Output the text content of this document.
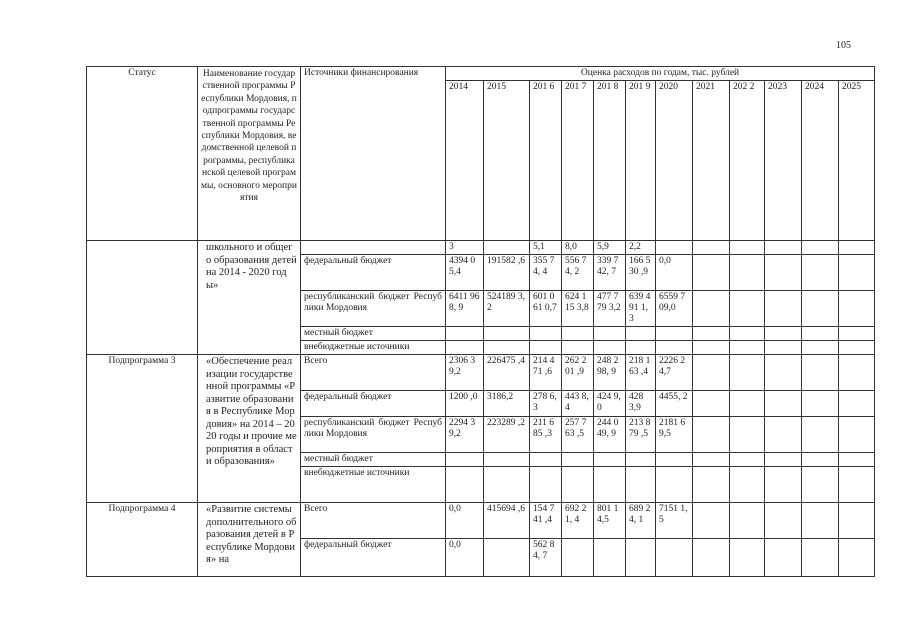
105
Статус	Наименование государственной программы Республики Мордовия, подпрограммы государственной программы Республики Мордовия, ведомственной целевой программы, республиканской целевой программы, основного мероприятия	Источники финансирования	Оценка расходов по годам, тыс. рублей											
			2014	2015	201 6	201 7	201 8	201 9	2020	2021	202 2	2023	2024	2025
	школьного и общего образования детей на 2014 - 2020 годы»		3		5,1	8,0	5,9	2,2						
		федеральный бюджет	4394 05,4	191582 ,6	355 74, 4	556 74, 2	339 742, 7	166 530 ,9	0,0					
		республиканский бюджет Республики Мордовия	6411 968, 9	524189 3,2	601 061 0,7	624 115 3,8	477 779 3,2	639 491 1,3	6559 709,0					
		местный бюджет												
		внебюджетные источники												
Подпрограмма 3	«Обеспечение реализации государственной программы «Развитие образования в Республике Мордовия» на 2014 – 2020 годы и прочие мероприятия в области образования»	Всего	2306 39,2	226475 ,4	214 471 ,6	262 201 ,9	248 298, 9	218 163 ,4	2226 24,7					
		федеральный бюджет	1200 ,0	3186,2	278 6,3	443 8,4	424 9,0	428 3,9	4455, 2					
		республиканский бюджет Республики Мордовия	2294 39,2	223289 ,2	211 685 ,3	257 763 ,5	244 049, 9	213 879 ,5	2181 69,5					
		местный бюджет												
		внебюджетные источники												
Подпрограмма 4	«Развитие системы дополнительного образования детей в Республике Мордовия» на	Всего	0,0	415694 ,6	154 741 ,4	692 21, 4	801 14,5	689 24, 1	7151 1,5					
		федеральный бюджет	0,0		562 84, 7									
